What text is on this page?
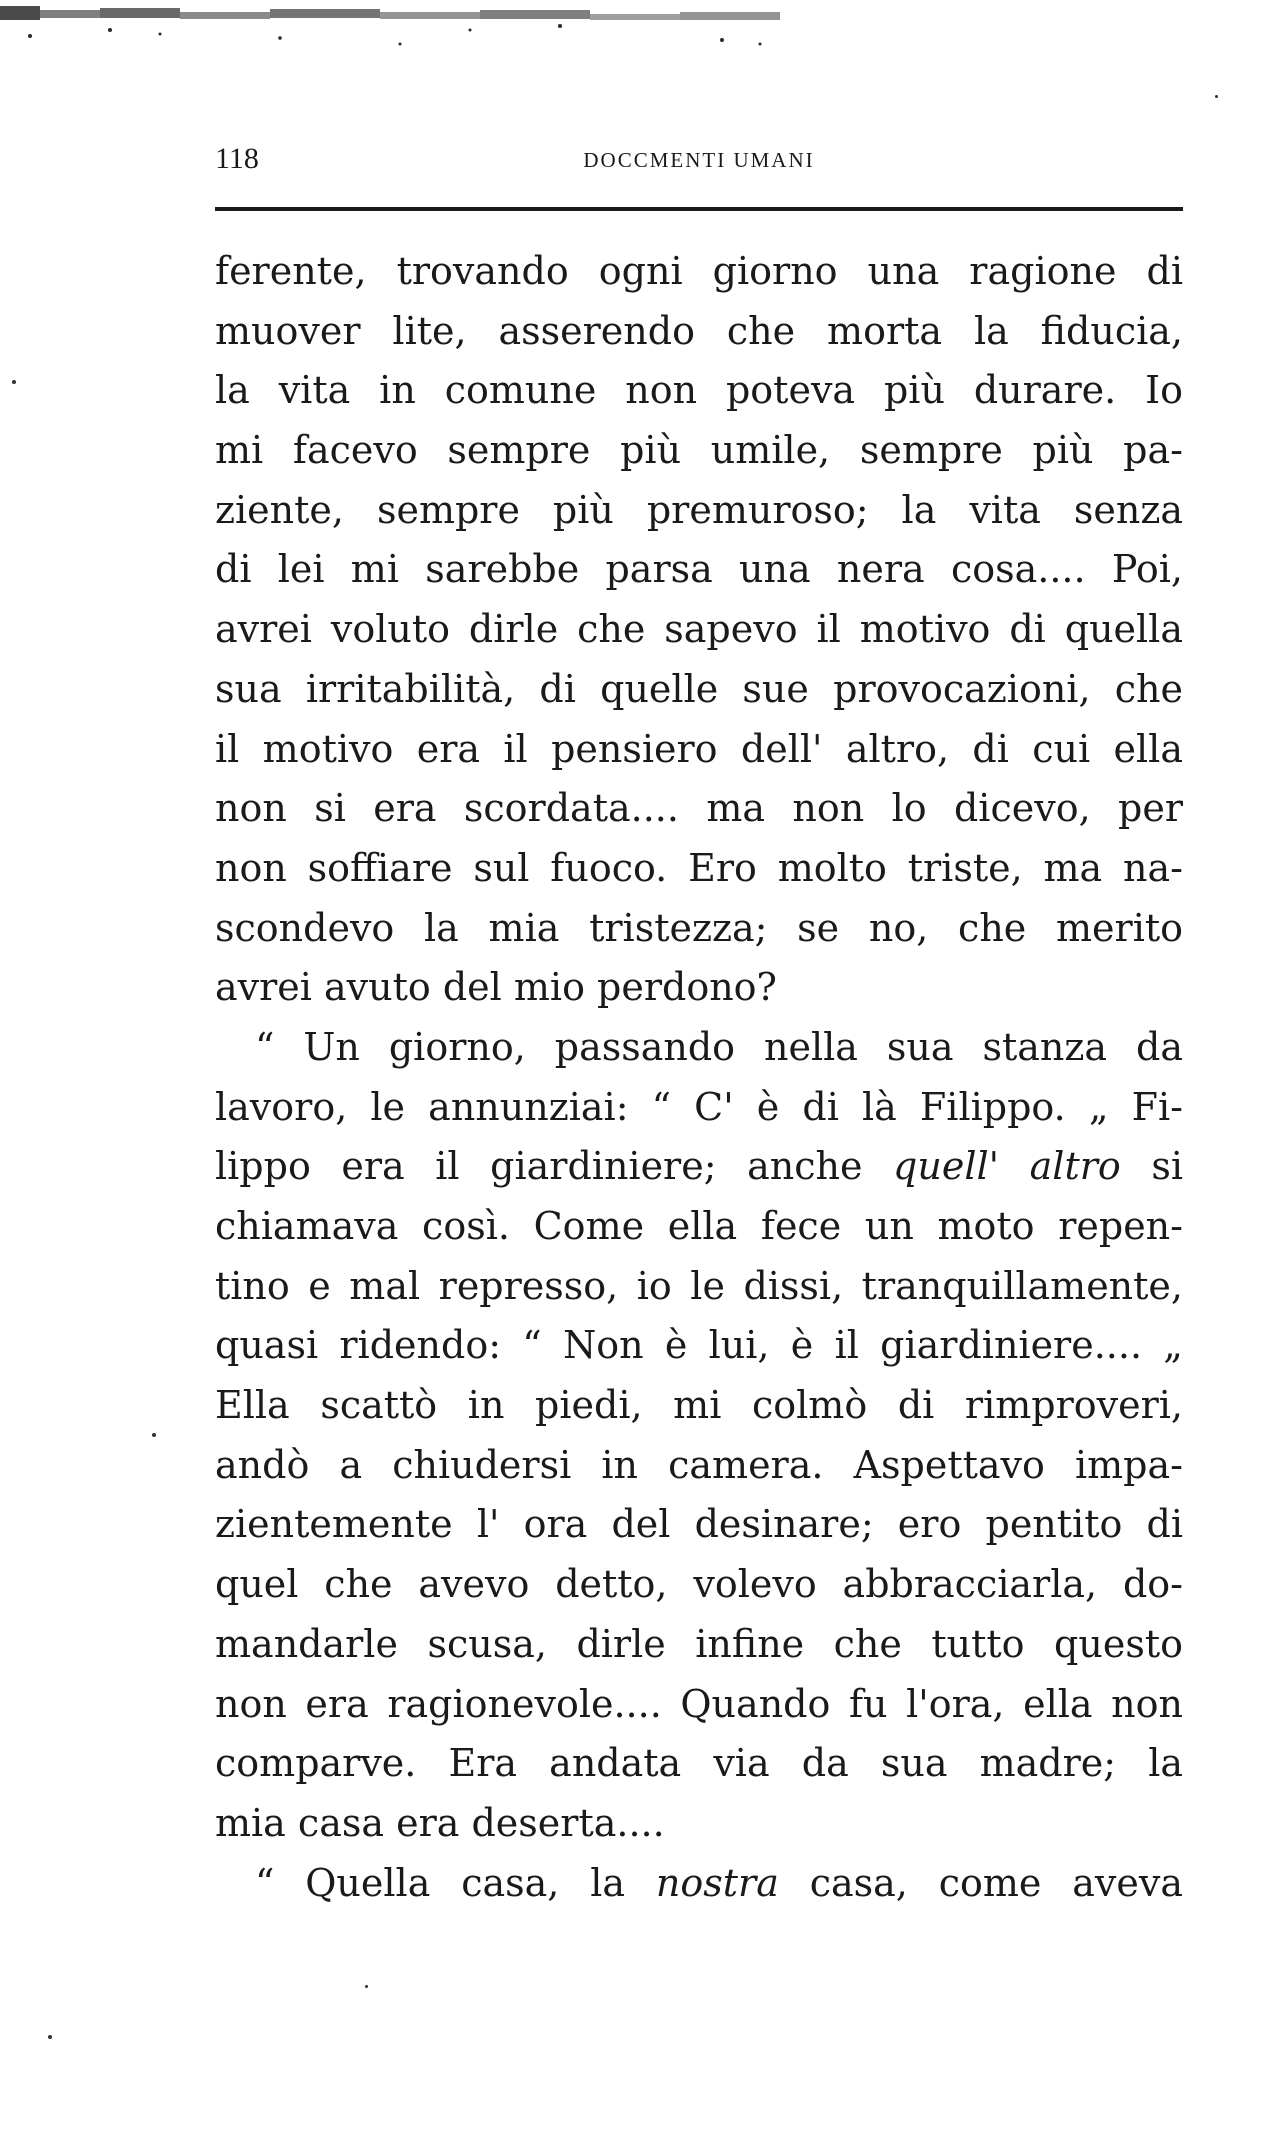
118	DOCCMENTI UMANI
ferente, trovando ogni giorno una ragione di
muover lite, asserendo che morta la fiducia,
la vita in comune non poteva più durare. Io
mi facevo sempre più umile, sempre più pa-
ziente, sempre più premuroso; la vita senza
di lei mi sarebbe parsa una nera cosa.... Poi,
avrei voluto dirle che sapevo il motivo di quella
sua irritabilità, di quelle sue provocazioni, che
il motivo era il pensiero dell' altro, di cui ella
non si era scordata.... ma non lo dicevo, per
non soffiare sul fuoco. Ero molto triste, ma na-
scondevo la mia tristezza; se no, che merito
avrei avuto del mio perdono?
“ Un giorno, passando nella sua stanza da
lavoro, le annunziai: “ C' è di là Filippo. „ Fi-
lippo era il giardiniere; anche quell' altro si
chiamava così. Come ella fece un moto repen-
tino e mal represso, io le dissi, tranquillamente,
quasi ridendo: “ Non è lui, è il giardiniere.... „
Ella scattò in piedi, mi colmò di rimproveri,
andò a chiudersi in camera. Aspettavo impa-
zientemente l' ora del desinare; ero pentito di
quel che avevo detto, volevo abbracciarla, do-
mandarle scusa, dirle infine che tutto questo
non era ragionevole.... Quando fu l'ora, ella non
comparve. Era andata via da sua madre; la
mia casa era deserta....
“ Quella casa, la nostra casa, come aveva
